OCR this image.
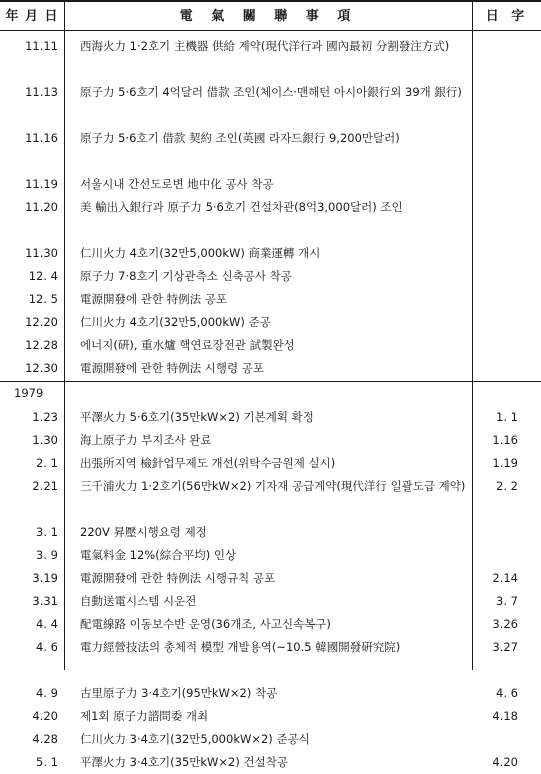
年 月 日	電 氣 關 聯 事 項	日 字
11.11 西海火力 1·2호기 主機器 供給 계약(現代洋行과 國內最初 分割發注方式)
11.13 原子力 5·6호기 4억달러 借款 조인(체이스·맨해턴 아시아銀行외 39개 銀行)
11.16 原子力 5·6호기 借款 契約 조인(英國 라자드銀行 9,200만달러)
11.19 서울시내 간선도로변 地中化 공사 착공
11.20 美 輸出入銀行과 原子力 5·6호기 건설차관(8억3,000달러) 조인
11.30 仁川火力 4호기(32만5,000kW) 商業運轉 개시
12. 4 原子力 7·8호기 기상관측소 신축공사 착공
12. 5 電源開發에 관한 特例法 공포
12.20 仁川火力 4호기(32만5,000kW) 준공
12.28 에너지(硏), 重水爐 핵연료장전관 試製완성
12.30 電源開發에 관한 特例法 시행령 공포
1979
1.23 平澤火力 5·6호기(35만kW×2) 기본계획 확정	1. 1
1.30 海上原子力 부지조사 완료	1.16
2. 1 出張所지역 檢針업무제도 개선(위탁수금원제 실시)	1.19
2.21 三千浦火力 1·2호기(56만kW×2) 기자재 공급계약(現代洋行 일괄도급 계약)	2. 2
3. 1 220V 昇壓시행요령 제정
3. 9 電氣料金 12%(綜合平均) 인상
3.19 電源開發에 관한 特例法 시행규칙 공포	2.14
3.31 自動送電시스템 시운전	3. 7
4. 4 配電線路 이동보수반 운영(36개조, 사고신속복구)	3.26
4. 6 電力經營技法의 총체적 模型 개발용역(~10.5 韓國開發硏究院)	3.27
4. 9 古里原子力 3·4호기(95만kW×2) 착공	4. 6
4.20 제1회 原子力諮問委 개최	4.18
4.28 仁川火力 3·4호기(32만5,000kW×2) 준공식
5. 1 平澤火力 3·4호기(35만kW×2) 건설착공	4.20
